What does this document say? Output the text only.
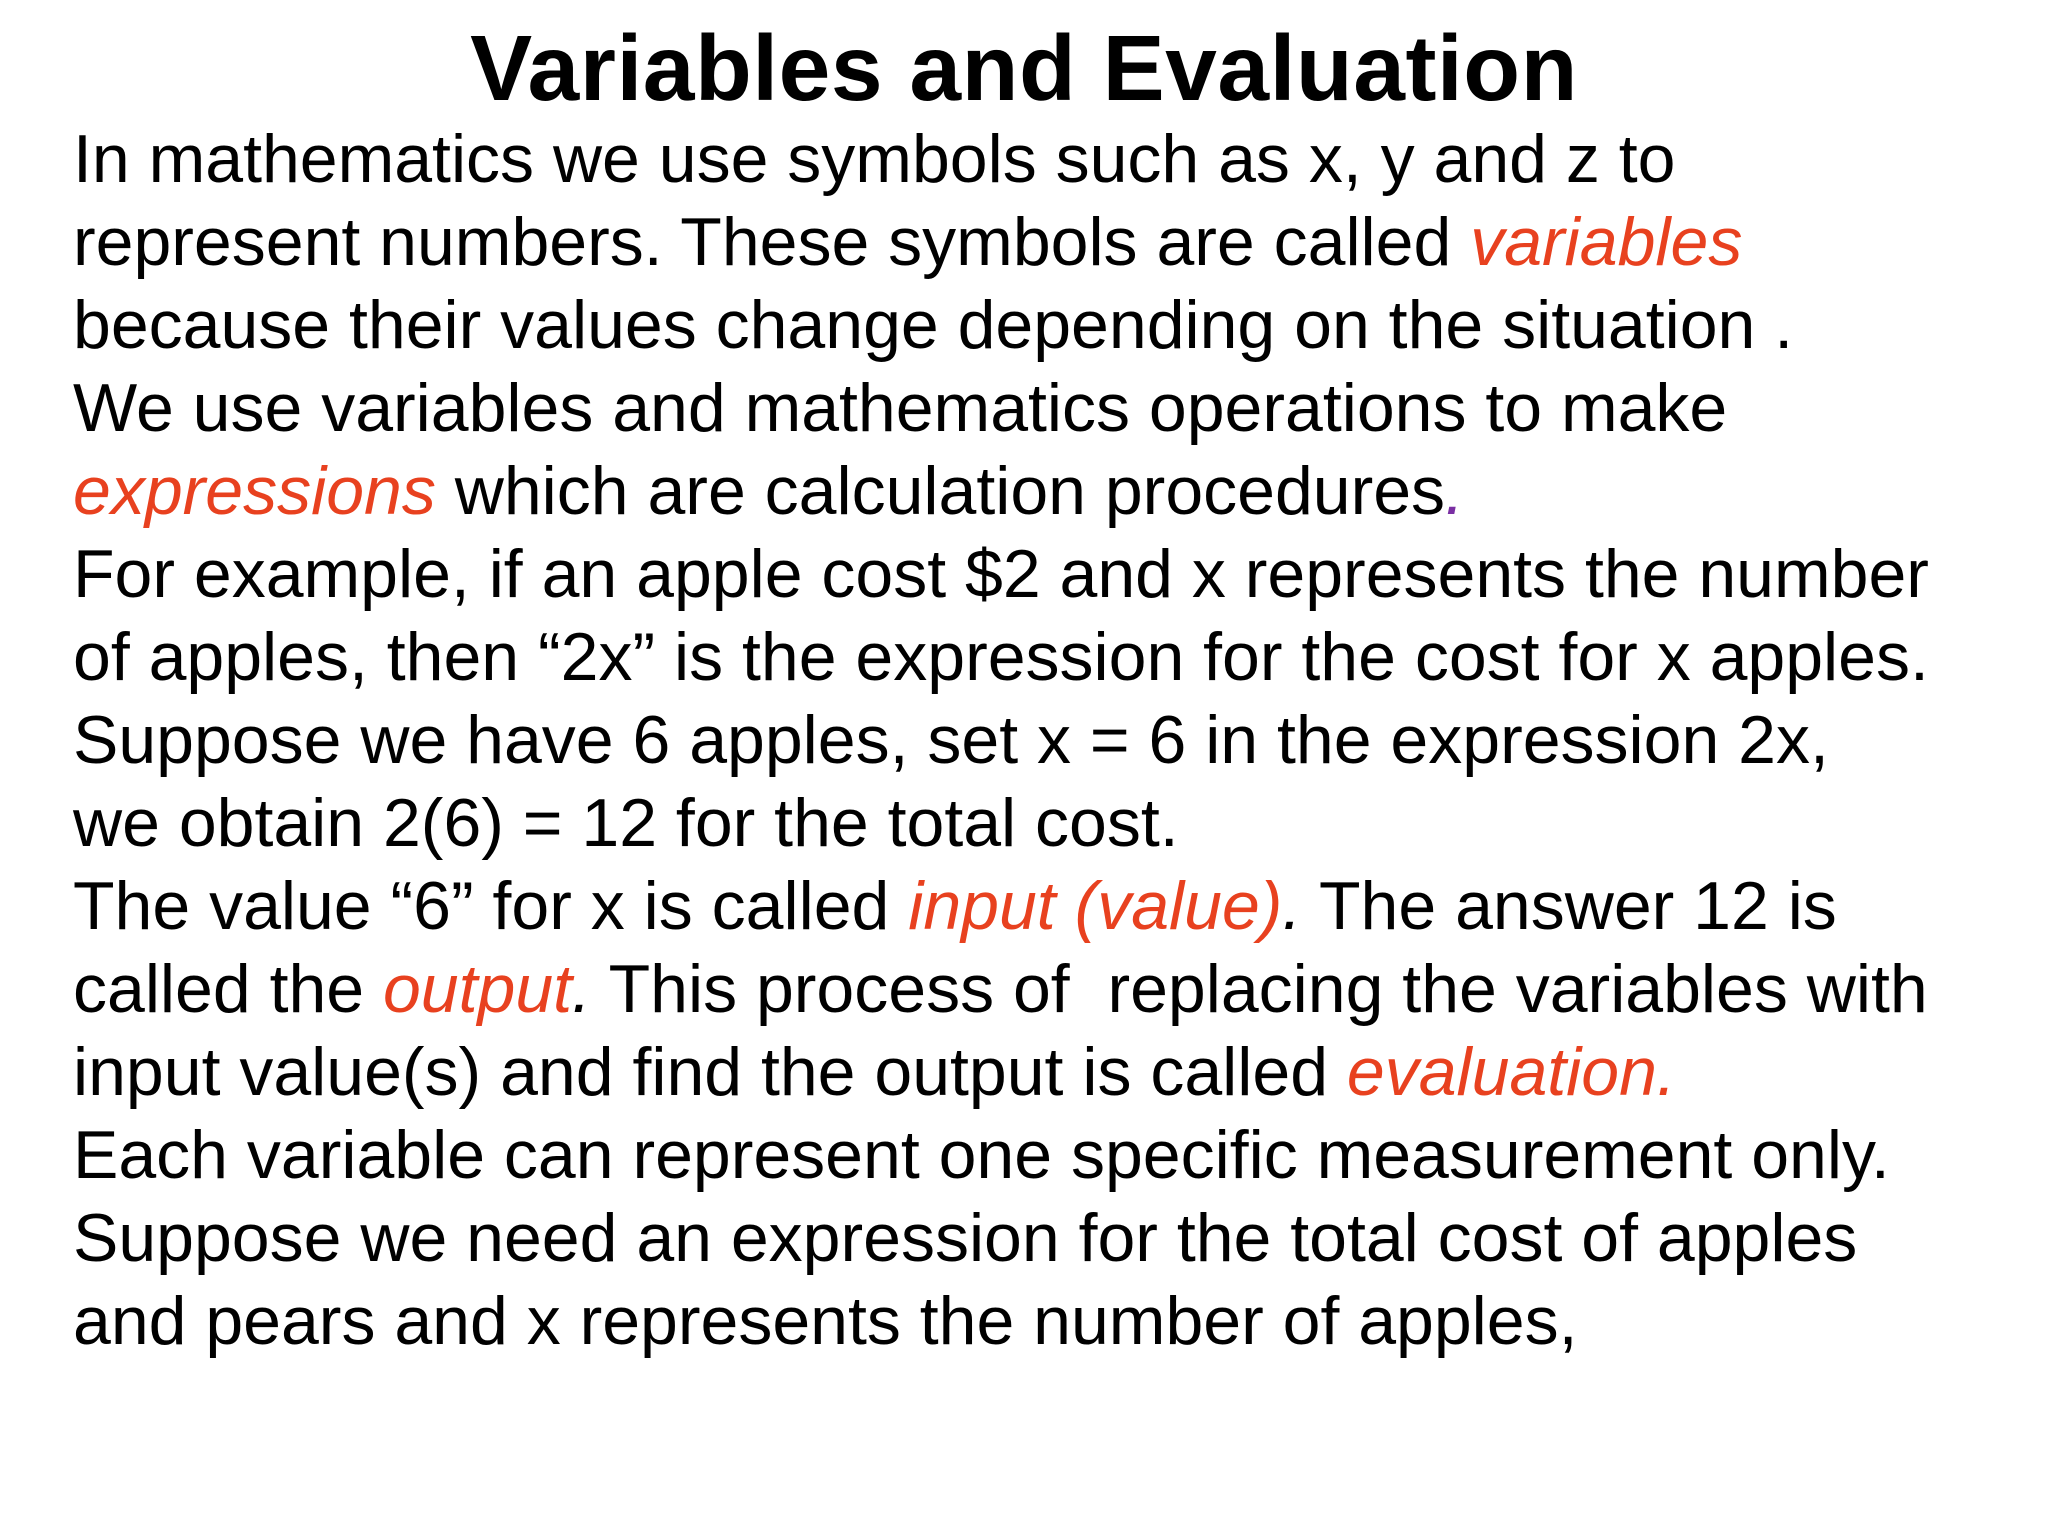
Variables and Evaluation
In mathematics we use symbols such as x, y and z to
represent numbers. These symbols are called variables
because their values change depending on the situation .
We use variables and mathematics operations to make
expressions which are calculation procedures.
For example, if an apple cost $2 and x represents the number
of apples, then “2x” is the expression for the cost for x apples.
Suppose we have 6 apples, set x = 6 in the expression 2x,
we obtain 2(6) = 12 for the total cost.
The value “6” for x is called input (value). The answer 12 is
called the output. This process of  replacing the variables with
input value(s) and find the output is called evaluation.
Each variable can represent one specific measurement only.
Suppose we need an expression for the total cost of apples
and pears and x represents the number of apples,
